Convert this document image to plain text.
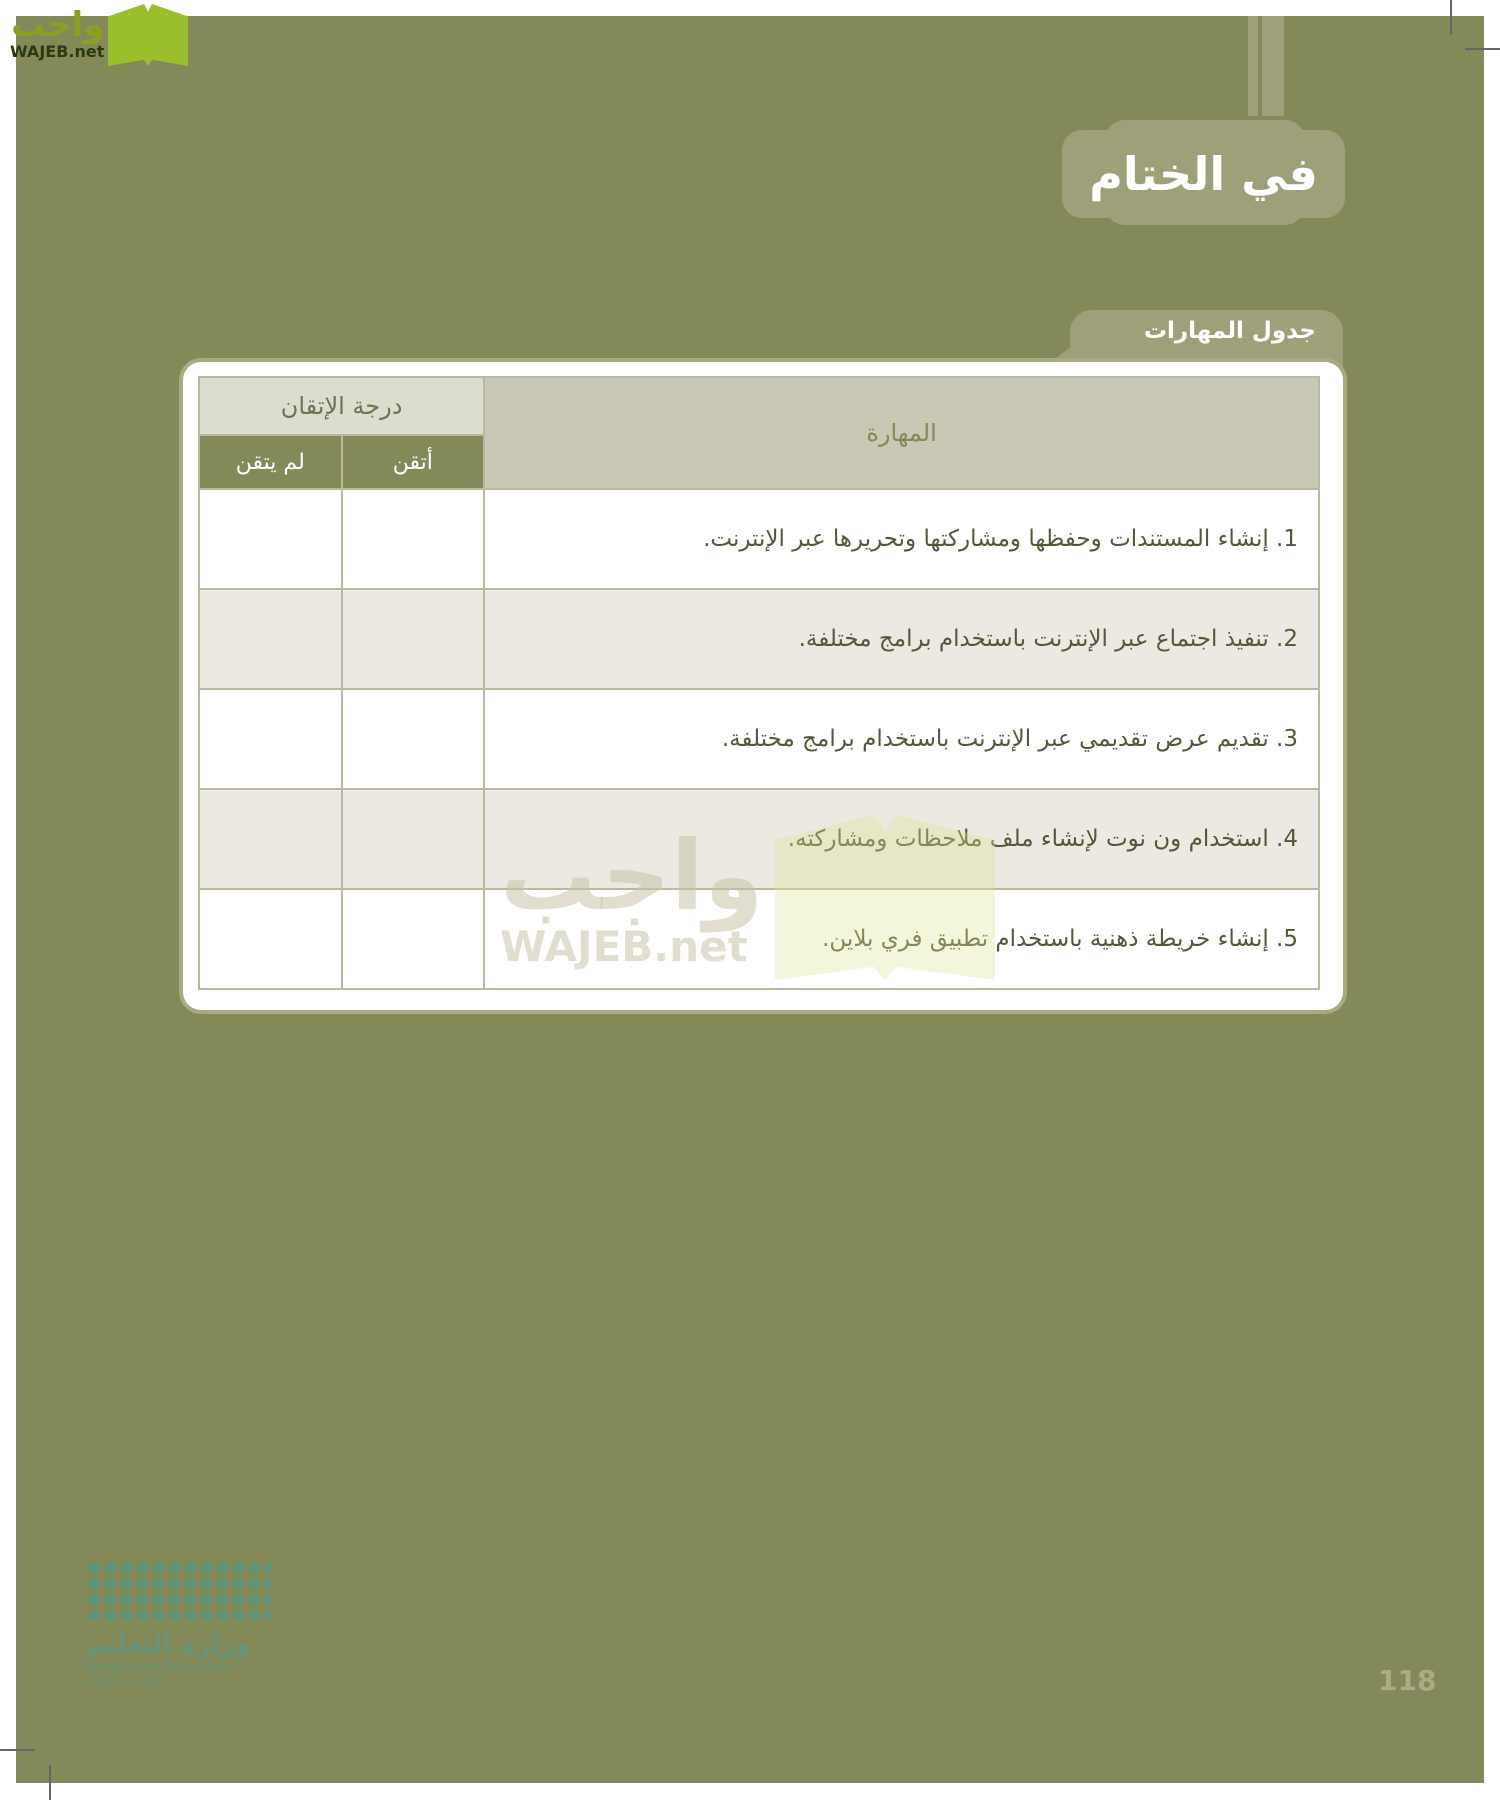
في الختام
جدول المهارات
المهارة	درجة الإتقان	
	أتقن	لم يتقن
1. إنشاء المستندات وحفظها ومشاركتها وتحريرها عبر الإنترنت.		
2. تنفيذ اجتماع عبر الإنترنت باستخدام برامج مختلفة.		
3. تقديم عرض تقديمي عبر الإنترنت باستخدام برامج مختلفة.		
4. استخدام ون نوت لإنشاء ملف ملاحظات ومشاركته.		
5. إنشاء خريطة ذهنية باستخدام تطبيق فري بلاين.		
واجب
WAJEB.net
واجب
WAJEB.net
وزارة التعليم
Ministry of Education
2025 - 1447	118
